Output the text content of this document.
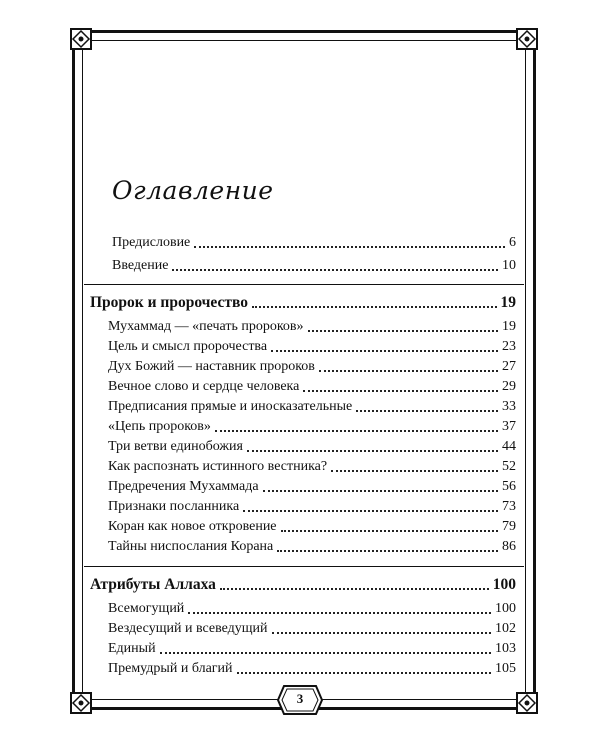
Оглавление
Предисловие	6
Введение	10
Пророк и пророчество	19
Мухаммад — «печать пророков»	19
Цель и смысл пророчества	23
Дух Божий — наставник пророков	27
Вечное слово и сердце человека	29
Предписания прямые и иносказательные	33
«Цепь пророков»	37
Три ветви единобожия	44
Как распознать истинного вестника?	52
Предречения Мухаммада	56
Признаки посланника	73
Коран как новое откровение	79
Тайны ниспослания Корана	86
Атрибуты Аллаха	100
Всемогущий	100
Вездесущий и всеведущий	102
Единый	103
Премудрый и благий	105
3
